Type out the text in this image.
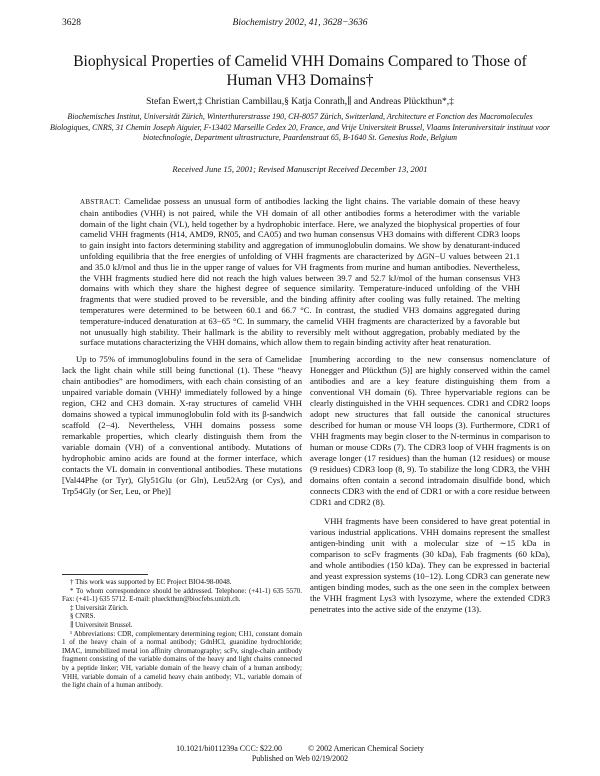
3628	Biochemistry 2002, 41, 3628−3636
Biophysical Properties of Camelid VHH Domains Compared to Those of Human VH3 Domains†
Stefan Ewert,‡ Christian Cambillau,§ Katja Conrath,∥ and Andreas Plückthun*,‡
Biochemisches Institut, Universität Zürich, Winterthurerstrasse 190, CH-8057 Zürich, Switzerland, Architecture et Fonction des Macromolecules Biologiques, CNRS, 31 Chemin Joseph Aiguier, F-13402 Marseille Cedex 20, France, and Vrije Universiteit Brussel, Vlaams Interuniversitair instituut voor biotechnologie, Department ultrastructure, Paardenstraat 65, B-1640 St. Genesius Rode, Belgium
Received June 15, 2001; Revised Manuscript Received December 13, 2001
ABSTRACT: Camelidae possess an unusual form of antibodies lacking the light chains. The variable domain of these heavy chain antibodies (VHH) is not paired, while the VH domain of all other antibodies forms a heterodimer with the variable domain of the light chain (VL), held together by a hydrophobic interface. Here, we analyzed the biophysical properties of four camelid VHH fragments (H14, AMD9, RN05, and CA05) and two human consensus VH3 domains with different CDR3 loops to gain insight into factors determining stability and aggregation of immunoglobulin domains. We show by denaturant-induced unfolding equilibria that the free energies of unfolding of VHH fragments are characterized by ΔGN−U values between 21.1 and 35.0 kJ/mol and thus lie in the upper range of values for VH fragments from murine and human antibodies. Nevertheless, the VHH fragments studied here did not reach the high values between 39.7 and 52.7 kJ/mol of the human consensus VH3 domains with which they share the highest degree of sequence similarity. Temperature-induced unfolding of the VHH fragments that were studied proved to be reversible, and the binding affinity after cooling was fully retained. The melting temperatures were determined to be between 60.1 and 66.7 °C. In contrast, the studied VH3 domains aggregated during temperature-induced denaturation at 63−65 °C. In summary, the camelid VHH fragments are characterized by a favorable but not unusually high stability. Their hallmark is the ability to reversibly melt without aggregation, probably mediated by the surface mutations characterizing the VHH domains, which allow them to regain binding activity after heat renaturation.

Up to 75% of immunoglobulins found in the sera of Camelidae lack the light chain while still being functional (1). These “heavy chain antibodies” are homodimers, with each chain consisting of an unpaired variable domain (VHH)¹ immediately followed by a hinge region, CH2 and CH3 domain. X-ray structures of camelid VHH domains showed a typical immunoglobulin fold with its β-sandwich scaffold (2−4). Nevertheless, VHH domains possess some remarkable properties, which clearly distinguish them from the variable domain (VH) of a conventional antibody. Mutations of hydrophobic amino acids are found at the former interface, which contacts the VL domain in conventional antibodies. These mutations [Val44Phe (or Tyr), Gly51Glu (or Gln), Leu52Arg (or Cys), and Trp54Gly (or Ser, Leu, or Phe)]

[numbering according to the new consensus nomenclature of Honegger and Plückthun (5)] are highly conserved within the camel antibodies and are a key feature distinguishing them from a conventional VH domain (6). Three hypervariable regions can be clearly distinguished in the VHH sequences. CDR1 and CDR2 loops adopt new structures that fall outside the canonical structures described for human or mouse VH loops (3). Furthermore, CDR1 of VHH fragments may begin closer to the N-terminus in comparison to human or mouse CDRs (7). The CDR3 loop of VHH fragments is on average longer (17 residues) than the human (12 residues) or mouse (9 residues) CDR3 loop (8, 9). To stabilize the long CDR3, the VHH domains often contain a second intradomain disulfide bond, which connects CDR3 with the end of CDR1 or with a core residue between CDR1 and CDR2 (8).

VHH fragments have been considered to have great potential in various industrial applications. VHH domains represent the smallest antigen-binding unit with a molecular size of ∼15 kDa in comparison to scFv fragments (30 kDa), Fab fragments (60 kDa), and whole antibodies (150 kDa). They can be expressed in bacterial and yeast expression systems (10−12). Long CDR3 can generate new antigen binding modes, such as the one seen in the complex between the VHH fragment Lys3 with lysozyme, where the extended CDR3 penetrates into the active side of the enzyme (13).

† This work was supported by EC Project BIO4-98-0048.

* To whom correspondence should be addressed. Telephone: (+41-1) 635 5570. Fax: (+41-1) 635 5712. E-mail: plueckthun@biocfebs.unizh.ch.

‡ Universität Zürich.

§ CNRS.

∥ Universiteit Brussel.

¹ Abbreviations: CDR, complementary determining region; CH1, constant domain 1 of the heavy chain of a normal antibody; GdnHCl, guanidine hydrochloride; IMAC, immobilized metal ion affinity chromatography; scFv, single-chain antibody fragment consisting of the variable domains of the heavy and light chains connected by a peptide linker; VH, variable domain of the heavy chain of a human antibody; VHH, variable domain of a camelid heavy chain antibody; VL, variable domain of the light chain of a human antibody.

10.1021/bi011239a CCC: $22.00	© 2002 American Chemical Society
Published on Web 02/19/2002
